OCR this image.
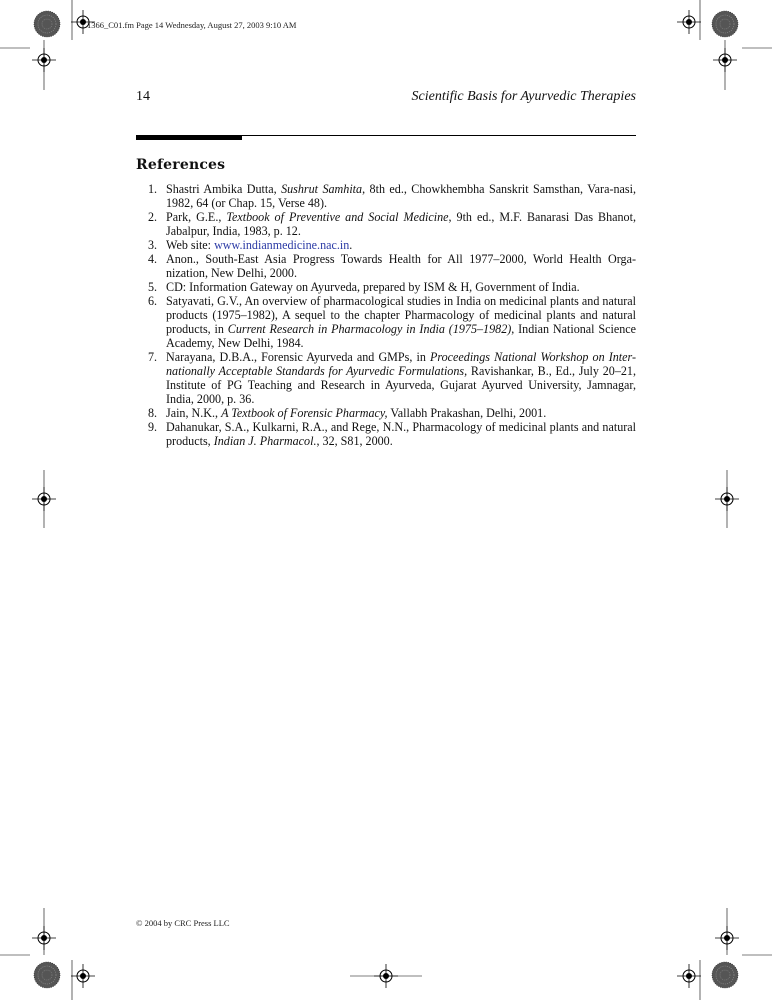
1366_C01.fm Page 14 Wednesday, August 27, 2003 9:10 AM
14	Scientific Basis for Ayurvedic Therapies
References
1. Shastri Ambika Dutta, Sushrut Samhita, 8th ed., Chowkhembha Sanskrit Samsthan, Vara-nasi, 1982, 64 (or Chap. 15, Verse 48).
2. Park, G.E., Textbook of Preventive and Social Medicine, 9th ed., M.F. Banarasi Das Bhanot, Jabalpur, India, 1983, p. 12.
3. Web site: www.indianmedicine.nac.in.
4. Anon., South-East Asia Progress Towards Health for All 1977–2000, World Health Orga-nization, New Delhi, 2000.
5. CD: Information Gateway on Ayurveda, prepared by ISM & H, Government of India.
6. Satyavati, G.V., An overview of pharmacological studies in India on medicinal plants and natural products (1975–1982), A sequel to the chapter Pharmacology of medicinal plants and natural products, in Current Research in Pharmacology in India (1975–1982), Indian National Science Academy, New Delhi, 1984.
7. Narayana, D.B.A., Forensic Ayurveda and GMPs, in Proceedings National Workshop on Inter-nationally Acceptable Standards for Ayurvedic Formulations, Ravishankar, B., Ed., July 20–21, Institute of PG Teaching and Research in Ayurveda, Gujarat Ayurved University, Jamnagar, India, 2000, p. 36.
8. Jain, N.K., A Textbook of Forensic Pharmacy, Vallabh Prakashan, Delhi, 2001.
9. Dahanukar, S.A., Kulkarni, R.A., and Rege, N.N., Pharmacology of medicinal plants and natural products, Indian J. Pharmacol., 32, S81, 2000.
© 2004 by CRC Press LLC
